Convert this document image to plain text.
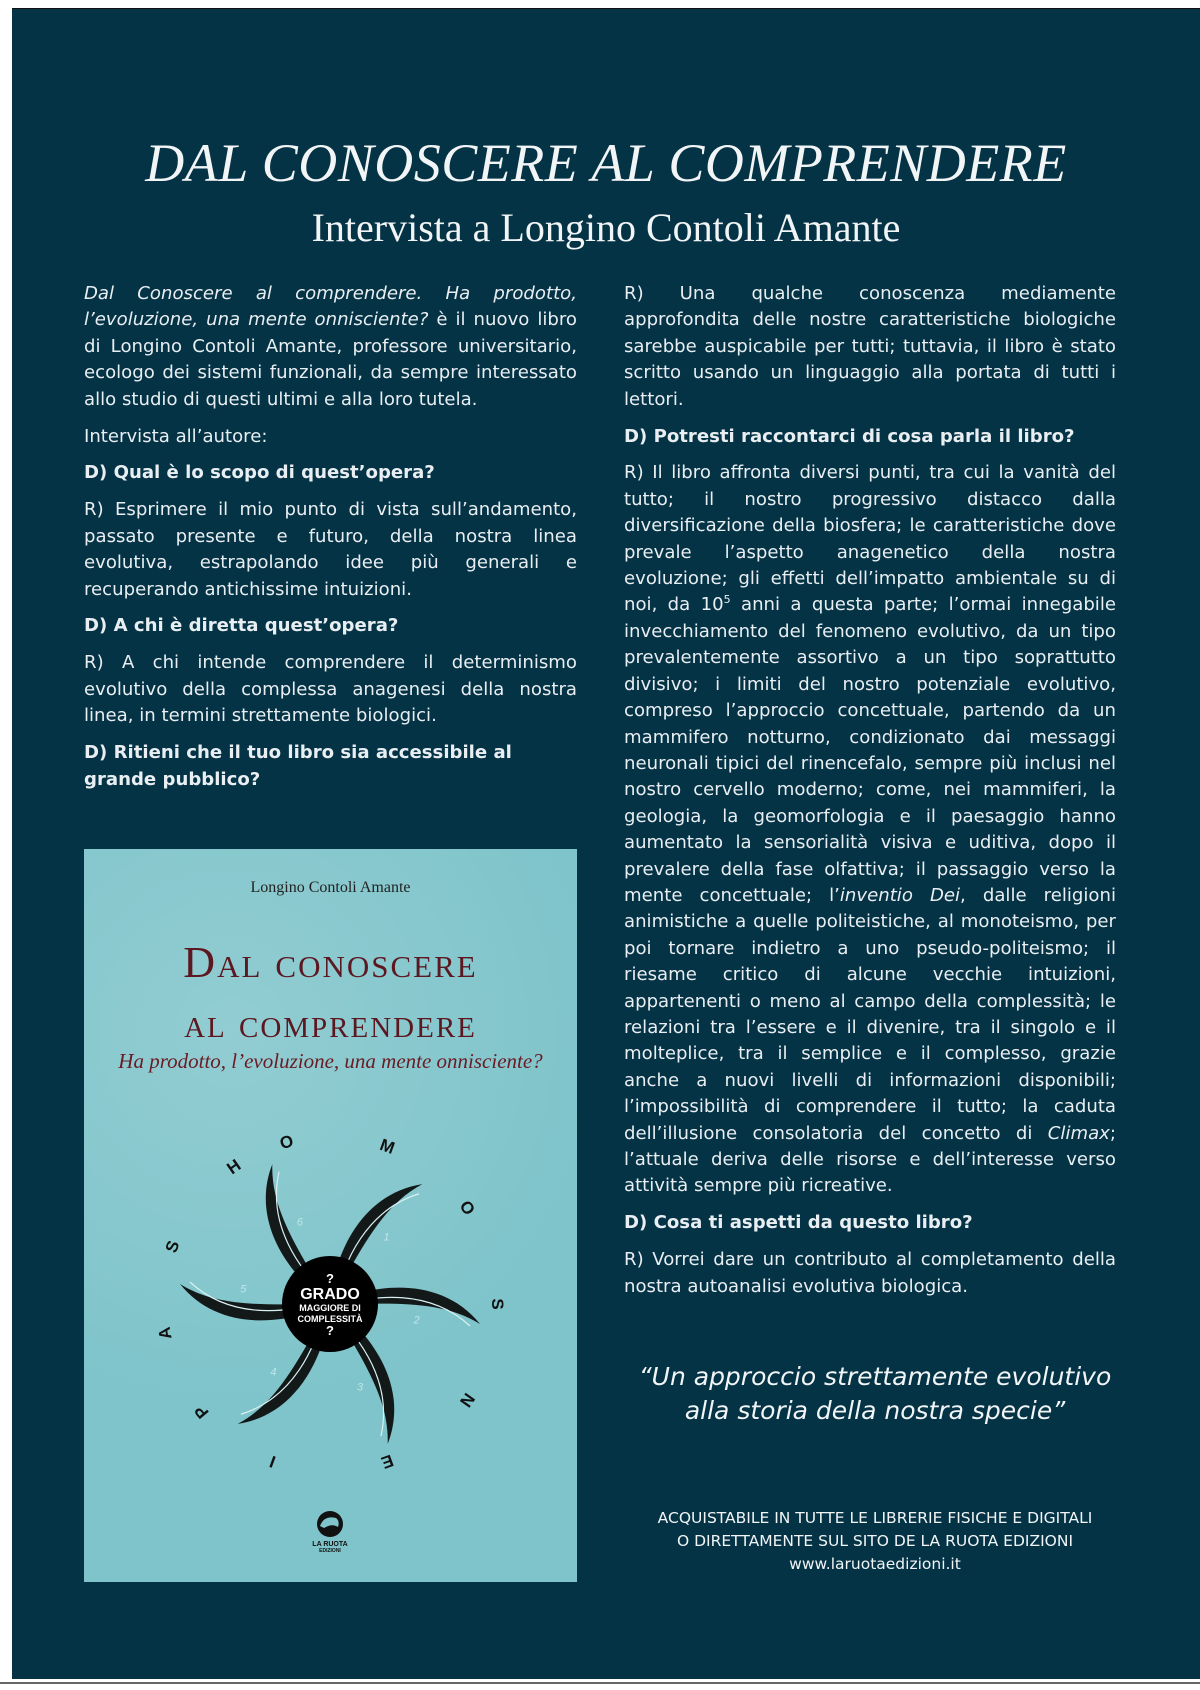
DAL CONOSCERE AL COMPRENDERE
Intervista a Longino Contoli Amante

Dal Conoscere al comprendere. Ha prodotto, l’evoluzione, una mente onnisciente? è il nuovo libro di Longino Contoli Amante, professore universitario, ecologo dei sistemi funzionali, da sempre interessato allo studio di questi ultimi e alla loro tutela.

Intervista all’autore:

D) Qual è lo scopo di quest’opera?

R) Esprimere il mio punto di vista sull’andamento, passato presente e futuro, della nostra linea evolutiva, estrapolando idee più generali e recuperando antichissime intuizioni.

D) A chi è diretta quest’opera?

R) A chi intende comprendere il determinismo evolutivo della complessa anagenesi della nostra linea, in termini strettamente biologici.

D) Ritieni che il tuo libro sia accessibile al grande pubblico?

R) Una qualche conoscenza mediamente approfondita delle nostre caratteristiche biologiche sarebbe auspicabile per tutti; tuttavia, il libro è stato scritto usando un linguaggio alla portata di tutti i lettori.

D) Potresti raccontarci di cosa parla il libro?

R) Il libro affronta diversi punti, tra cui la vanità del tutto; il nostro progressivo distacco dalla diversificazione della biosfera; le caratteristiche dove prevale l’aspetto anagenetico della nostra evoluzione; gli effetti dell’impatto ambientale su di noi, da $10^5$ anni a questa parte; l’ormai innegabile invecchiamento del fenomeno evolutivo, da un tipo prevalentemente assortivo a un tipo soprattutto divisivo; i limiti del nostro potenziale evolutivo, compreso l’approccio concettuale, partendo da un mammifero notturno, condizionato dai messaggi neuronali tipici del rinencefalo, sempre più inclusi nel nostro cervello moderno; come, nei mammiferi, la geologia, la geomorfologia e il paesaggio hanno aumentato la sensorialità visiva e uditiva, dopo il prevalere della fase olfattiva; il passaggio verso la mente concettuale; l’inventio Dei, dalle religioni animistiche a quelle politeistiche, al monoteismo, per poi tornare indietro a uno pseudo-politeismo; il riesame critico di alcune vecchie intuizioni, appartenenti o meno al campo della complessità; le relazioni tra l’essere e il divenire, tra il singolo e il molteplice, tra il semplice e il complesso, grazie anche a nuovi livelli di informazioni disponibili; l’impossibilità di comprendere il tutto; la caduta dell’illusione consolatoria del concetto di Climax; l’attuale deriva delle risorse e dell’interesse verso attività sempre più ricreative.

D) Cosa ti aspetti da questo libro?

R) Vorrei dare un contributo al completamento della nostra autoanalisi evolutiva biologica.

Longino Contoli Amante
Dal conoscere
al comprendere
Ha prodotto, l’evoluzione, una mente onnisciente?
O	M
O
S
N
E
I
P
A
S
H
1
2
3
4
5
6
?
GRADO
MAGGIORE DI
COMPLESSITÀ
?
LA RUOTA
EDIZIONI
“Un approccio strettamente evolutivo
alla storia della nostra specie”
ACQUISTABILE IN TUTTE LE LIBRERIE FISICHE E DIGITALI
O DIRETTAMENTE SUL SITO DE LA RUOTA EDIZIONI
www.laruotaedizioni.it
